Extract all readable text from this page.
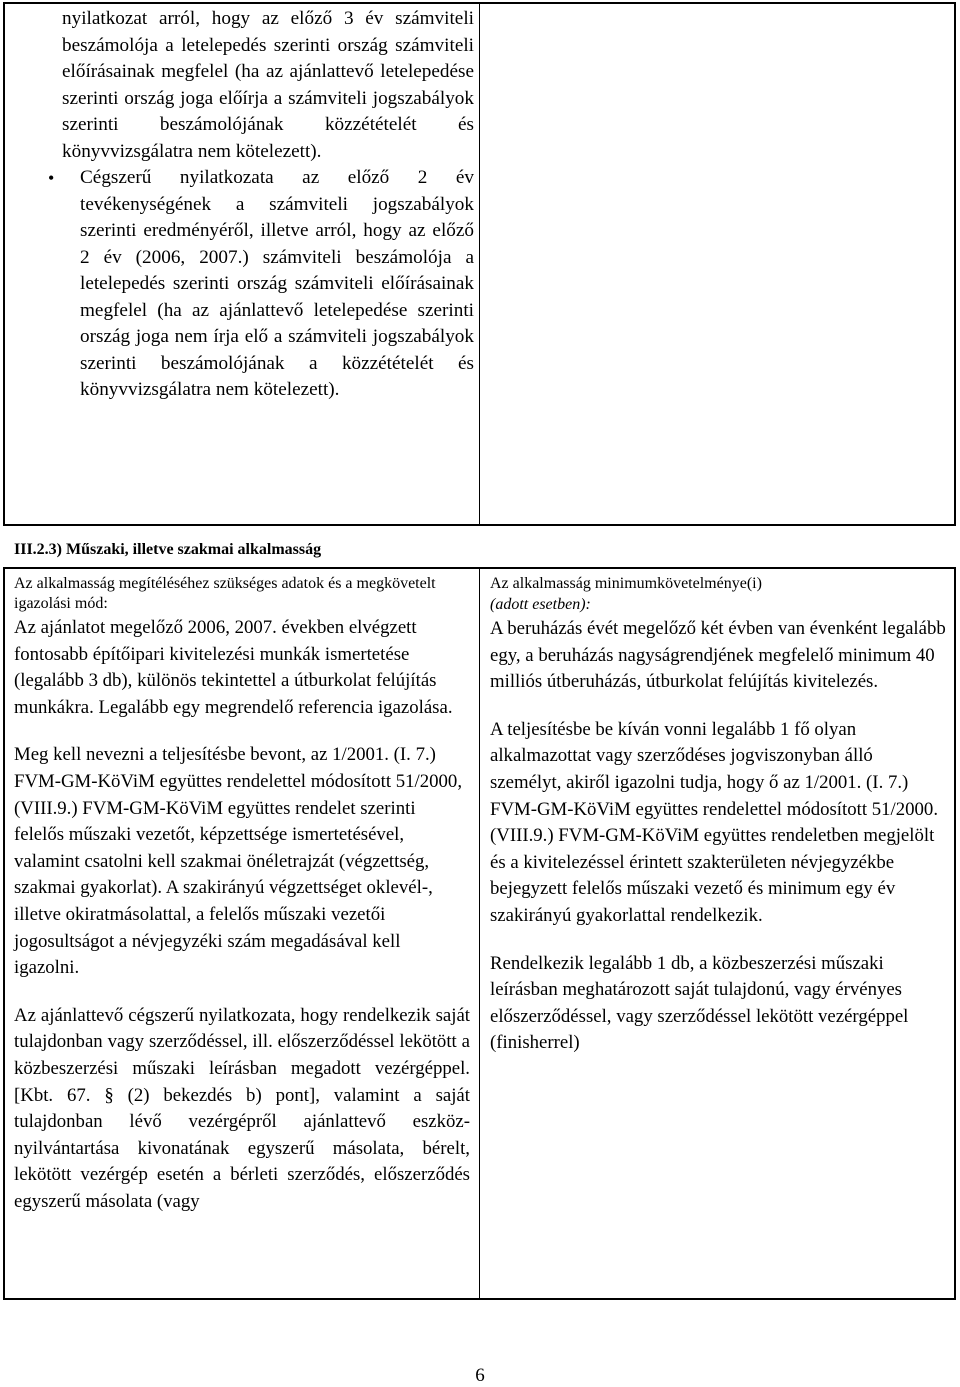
nyilatkozat arról, hogy az előző 3 év számviteli beszámolója a letelepedés szerinti ország számviteli előírásainak megfelel (ha az ajánlattevő letelepedése szerinti ország joga előírja a számviteli jogszabályok szerinti beszámolójának közzétételét és könyvvizsgálatra nem kötelezett).

• Cégszerű nyilatkozata az előző 2 év tevékenységének a számviteli jogszabályok szerinti eredményéről, illetve arról, hogy az előző 2 év (2006, 2007.) számviteli beszámolója a letelepedés szerinti ország számviteli előírásainak megfelel (ha az ajánlattevő letelepedése szerinti ország joga nem írja elő a számviteli jogszabályok szerinti beszámolójának a közzétételét és könyvvizsgálatra nem kötelezett).

III.2.3) Műszaki, illetve szakmai alkalmasság

Az alkalmasság megítéléséhez szükséges adatok és a megkövetelt igazolási mód:

Az ajánlatot megelőző 2006, 2007. években elvégzett fontosabb építőipari kivitelezési munkák ismertetése (legalább 3 db), különös tekintettel a útburkolat felújítás munkákra. Legalább egy megrendelő referencia igazolása.

Meg kell nevezni a teljesítésbe bevont, az 1/2001. (I. 7.) FVM-GM-KöViM együttes rendelettel módosított 51/2000, (VIII.9.) FVM-GM-KöViM együttes rendelet szerinti felelős műszaki vezetőt, képzettsége ismertetésével, valamint csatolni kell szakmai önéletrajzát (végzettség, szakmai gyakorlat). A szakirányú végzettséget oklevél-, illetve okiratmásolattal, a felelős műszaki vezetői jogosultságot a névjegyzéki szám megadásával kell igazolni.

Az ajánlattevő cégszerű nyilatkozata, hogy rendelkezik saját tulajdonban vagy szerződéssel, ill. előszerződéssel lekötött a közbeszerzési műszaki leírásban megadott vezérgéppel. [Kbt. 67. § (2) bekezdés b) pont], valamint a saját tulajdonban lévő vezérgépről ajánlattevő eszköz-nyilvántartása kivonatának egyszerű másolata, bérelt, lekötött vezérgép esetén a bérleti szerződés, előszerződés egyszerű másolata (vagy

Az alkalmasság minimumkövetelménye(i)

(adott esetben):

A beruházás évét megelőző két évben van évenként legalább egy, a beruházás nagyságrendjének megfelelő minimum 40 milliós útberuházás, útburkolat felújítás kivitelezés.

A teljesítésbe be kíván vonni legalább 1 fő olyan alkalmazottat vagy szerződéses jogviszonyban álló személyt, akiről igazolni tudja, hogy ő az 1/2001. (I. 7.) FVM-GM-KöViM együttes rendelettel módosított 51/2000. (VIII.9.) FVM-GM-KöViM együttes rendeletben megjelölt és a kivitelezéssel érintett szakterületen névjegyzékbe bejegyzett felelős műszaki vezető és minimum egy év szakirányú gyakorlattal rendelkezik.

Rendelkezik legalább 1 db, a közbeszerzési műszaki leírásban meghatározott saját tulajdonú, vagy érvényes előszerződéssel, vagy szerződéssel lekötött vezérgéppel (finisherrel)

6
